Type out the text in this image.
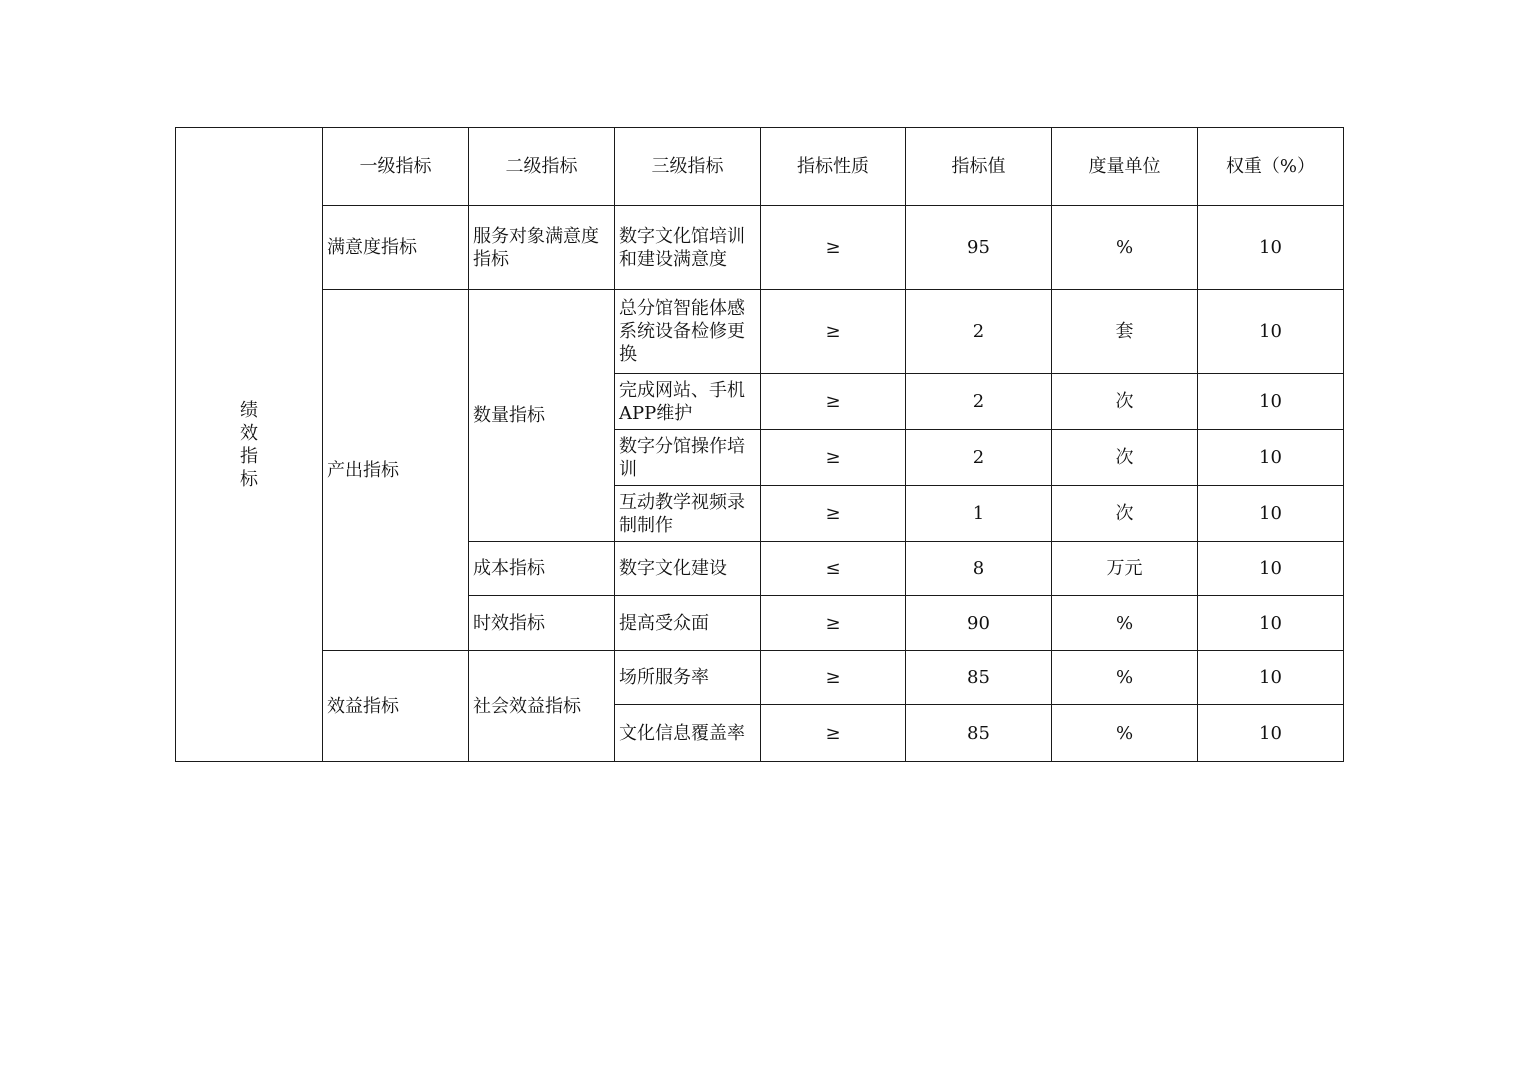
绩效指标	一级指标	二级指标	三级指标	指标性质	指标值	度量单位	权重（%）
	满意度指标	服务对象满意度指标	数字文化馆培训和建设满意度	≥	95	%	10
	产出指标	数量指标	总分馆智能体感系统设备检修更换	≥	2	套	10
			完成网站、手机APP维护	≥	2	次	10
			数字分馆操作培训	≥	2	次	10
			互动教学视频录制制作	≥	1	次	10
		成本指标	数字文化建设	≤	8	万元	10
		时效指标	提高受众面	≥	90	%	10
	效益指标	社会效益指标	场所服务率	≥	85	%	10
			文化信息覆盖率	≥	85	%	10
